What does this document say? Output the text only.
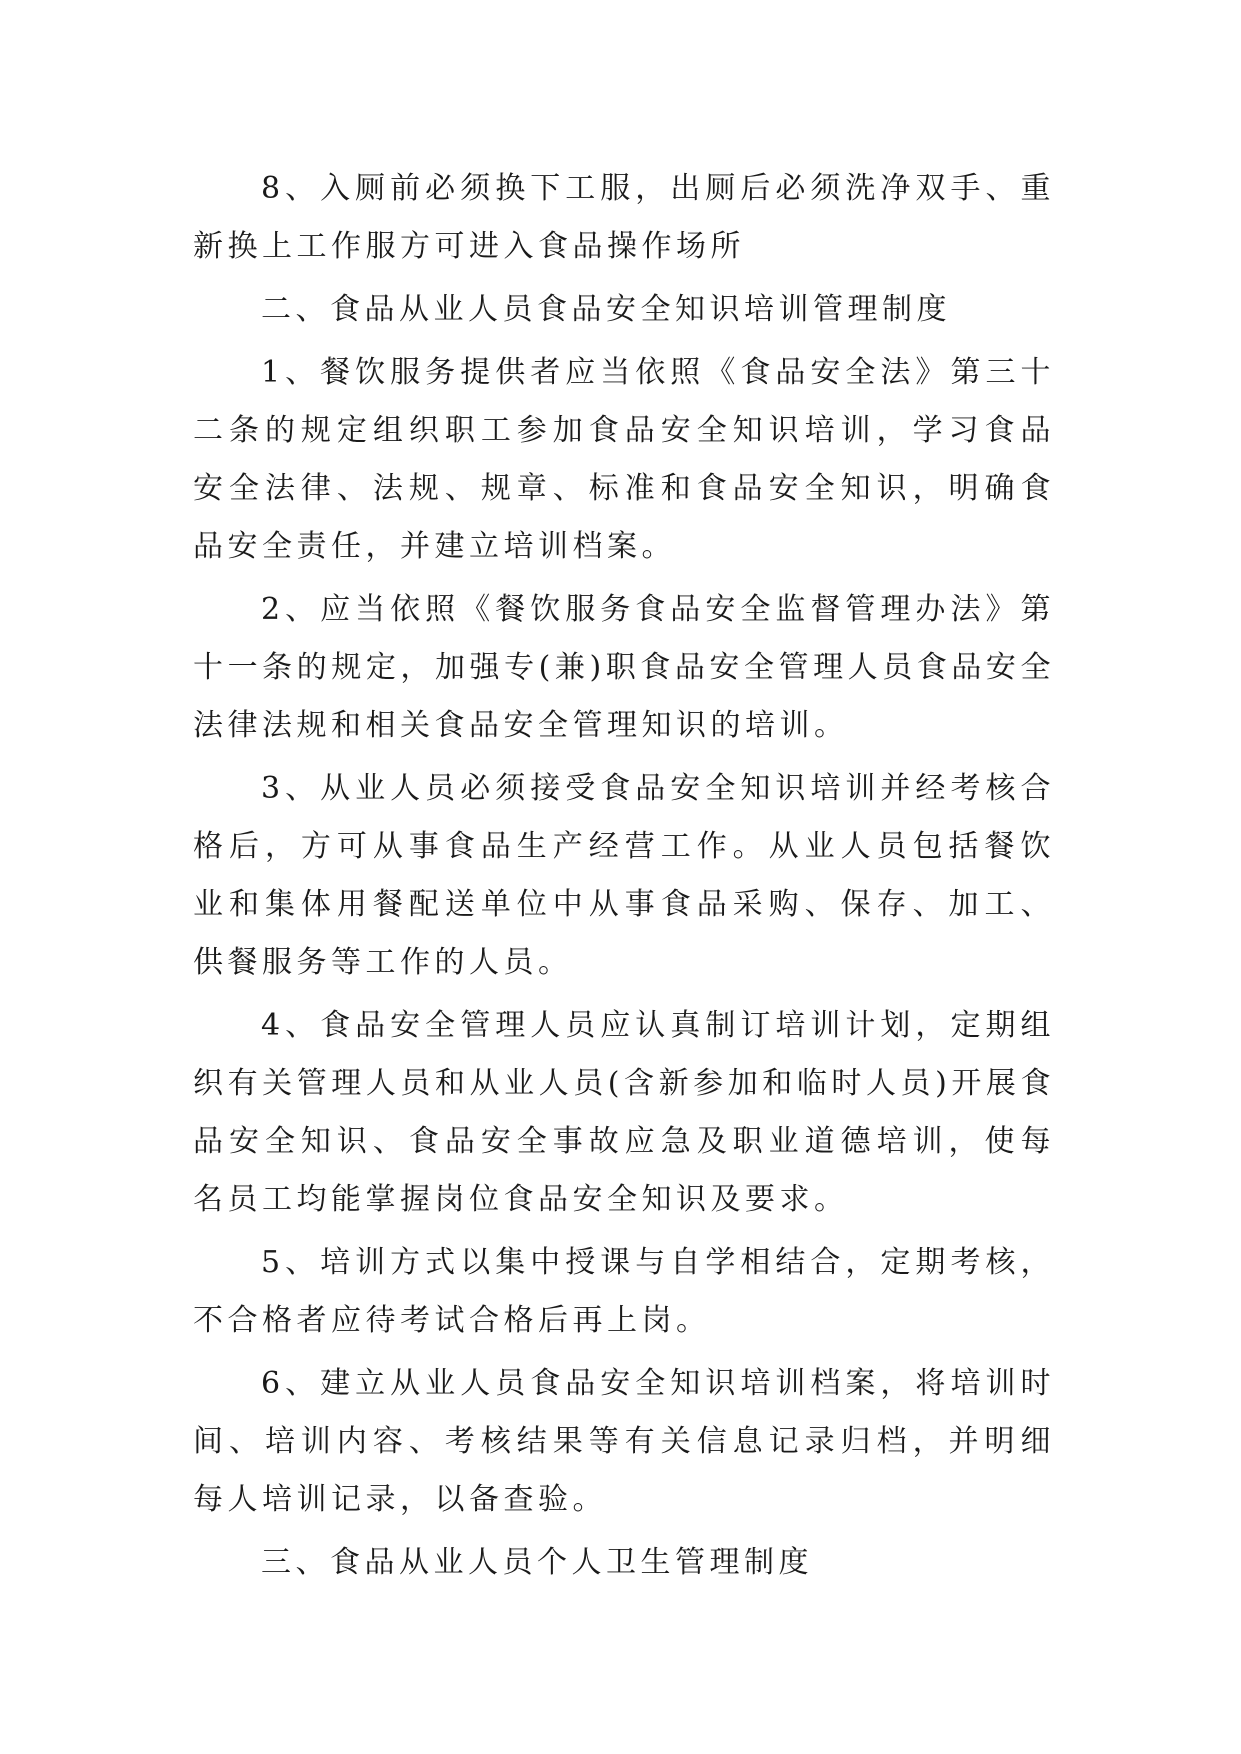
8、入厕前必须换下工服，出厕后必须洗净双手、重新换上工作服方可进入食品操作场所

二、食品从业人员食品安全知识培训管理制度

1、餐饮服务提供者应当依照《食品安全法》第三十二条的规定组织职工参加食品安全知识培训，学习食品安全法律、法规、规章、标准和食品安全知识，明确食品安全责任，并建立培训档案。

2、应当依照《餐饮服务食品安全监督管理办法》第十一条的规定，加强专(兼)职食品安全管理人员食品安全法律法规和相关食品安全管理知识的培训。

3、从业人员必须接受食品安全知识培训并经考核合格后，方可从事食品生产经营工作。从业人员包括餐饮业和集体用餐配送单位中从事食品采购、保存、加工、供餐服务等工作的人员。

4、食品安全管理人员应认真制订培训计划，定期组织有关管理人员和从业人员(含新参加和临时人员)开展食品安全知识、食品安全事故应急及职业道德培训，使每名员工均能掌握岗位食品安全知识及要求。

5、培训方式以集中授课与自学相结合，定期考核，不合格者应待考试合格后再上岗。

6、建立从业人员食品安全知识培训档案，将培训时间、培训内容、考核结果等有关信息记录归档，并明细每人培训记录，以备查验。

三、食品从业人员个人卫生管理制度
